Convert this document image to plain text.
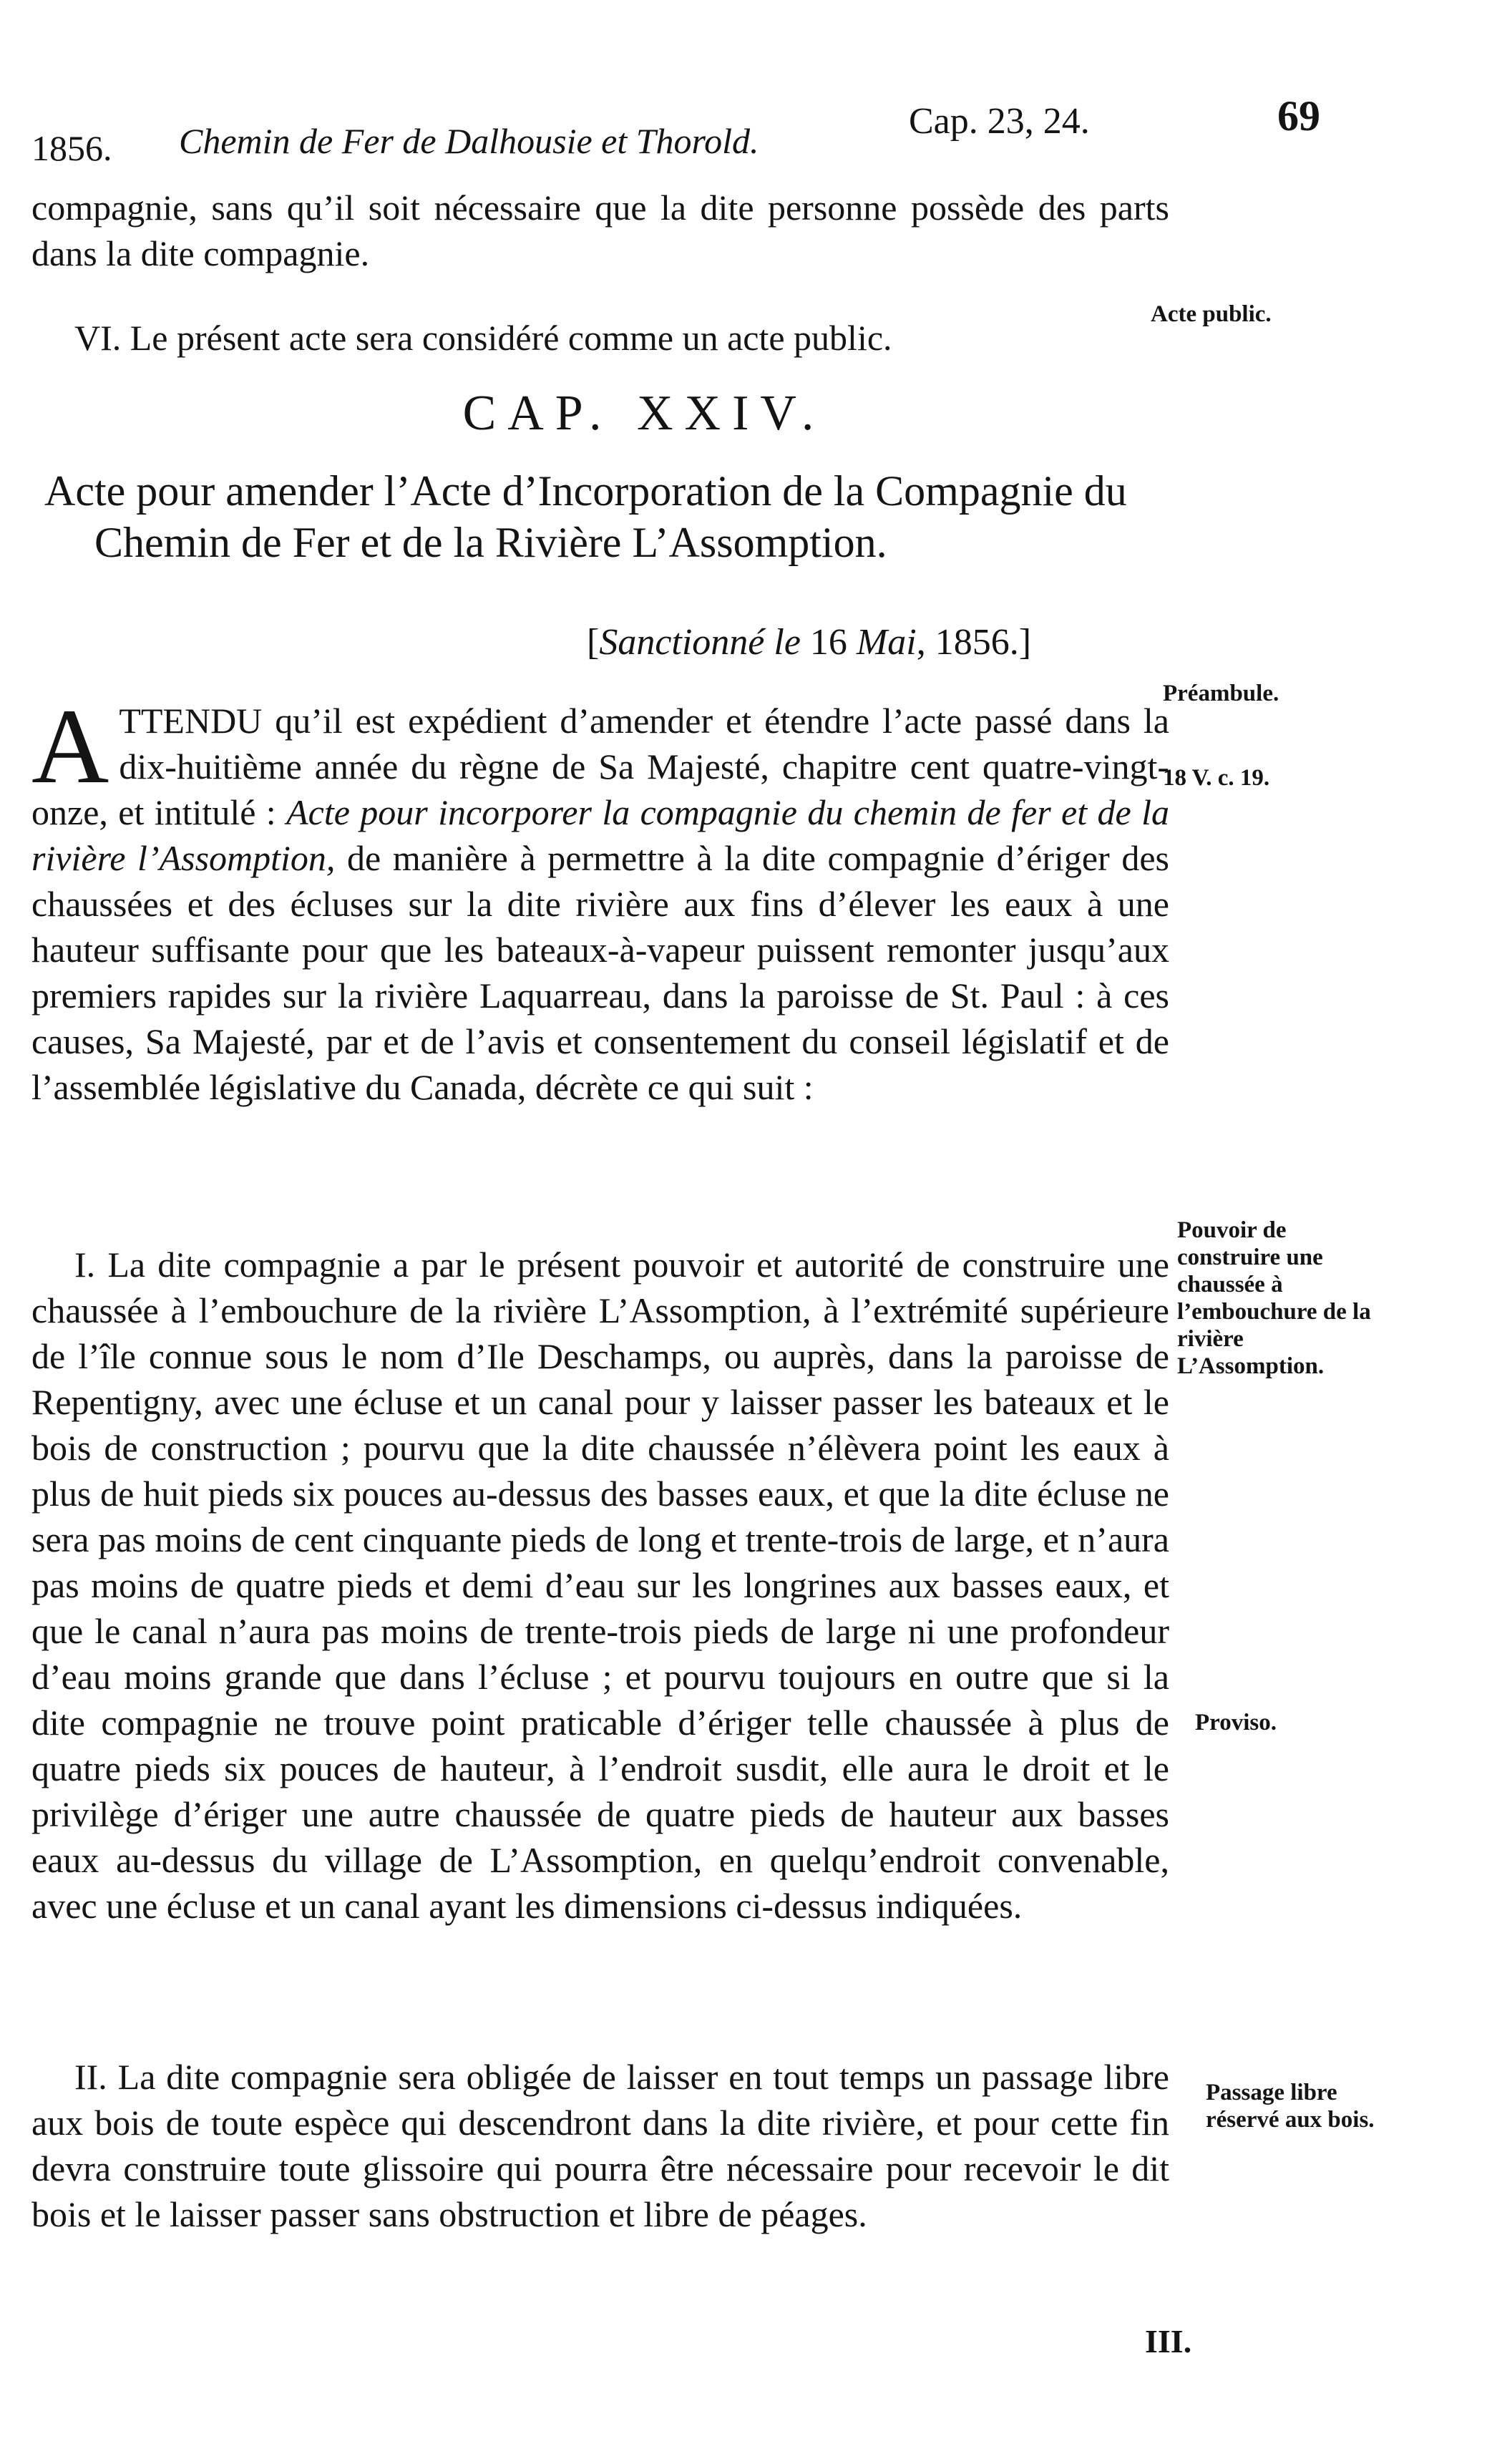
1856. Chemin de Fer de Dalhousie et Thorold.	Cap. 23, 24.	69
compagnie, sans qu’il soit nécessaire que la dite personne possède des parts dans la dite compagnie.
VI. Le présent acte sera considéré comme un acte public.
Acte public.
CAP. XXIV.
Acte pour amender l’Acte d’Incorporation de la Compagnie du Chemin de Fer et de la Rivière L’Assomption.
[Sanctionné le 16 Mai, 1856.]
ATTENDU qu’il est expédient d’amender et étendre l’acte passé dans la dix-huitième année du règne de Sa Majesté, chapitre cent quatre-vingt-onze, et intitulé : Acte pour incorporer la compagnie du chemin de fer et de la rivière l’Assomption, de manière à permettre à la dite compagnie d’ériger des chaussées et des écluses sur la dite rivière aux fins d’élever les eaux à une hauteur suffisante pour que les bateaux-à-vapeur puissent remonter jusqu’aux premiers rapides sur la rivière Laquarreau, dans la paroisse de St. Paul : à ces causes, Sa Majesté, par et de l’avis et consentement du conseil législatif et de l’assemblée législative du Canada, décrète ce qui suit :
Préambule.
18 V. c. 19.
I. La dite compagnie a par le présent pouvoir et autorité de construire une chaussée à l’embouchure de la rivière L’Assomption, à l’extrémité supérieure de l’île connue sous le nom d’Ile Deschamps, ou auprès, dans la paroisse de Repentigny, avec une écluse et un canal pour y laisser passer les bateaux et le bois de construction ; pourvu que la dite chaussée n’élèvera point les eaux à plus de huit pieds six pouces au-dessus des basses eaux, et que la dite écluse ne sera pas moins de cent cinquante pieds de long et trente-trois de large, et n’aura pas moins de quatre pieds et demi d’eau sur les longrines aux basses eaux, et que le canal n’aura pas moins de trente-trois pieds de large ni une profondeur d’eau moins grande que dans l’écluse ; et pourvu toujours en outre que si la dite compagnie ne trouve point praticable d’ériger telle chaussée à plus de quatre pieds six pouces de hauteur, à l’endroit susdit, elle aura le droit et le privilège d’ériger une autre chaussée de quatre pieds de hauteur aux basses eaux au-dessus du village de L’Assomption, en quelqu’endroit convenable, avec une écluse et un canal ayant les dimensions ci-dessus indiquées.
Pouvoir de construire une chaussée à l’embouchure de la rivière L’Assomption.
Proviso.
II. La dite compagnie sera obligée de laisser en tout temps un passage libre aux bois de toute espèce qui descendront dans la dite rivière, et pour cette fin devra construire toute glissoire qui pourra être nécessaire pour recevoir le dit bois et le laisser passer sans obstruction et libre de péages.
Passage libre réservé aux bois.
III.
